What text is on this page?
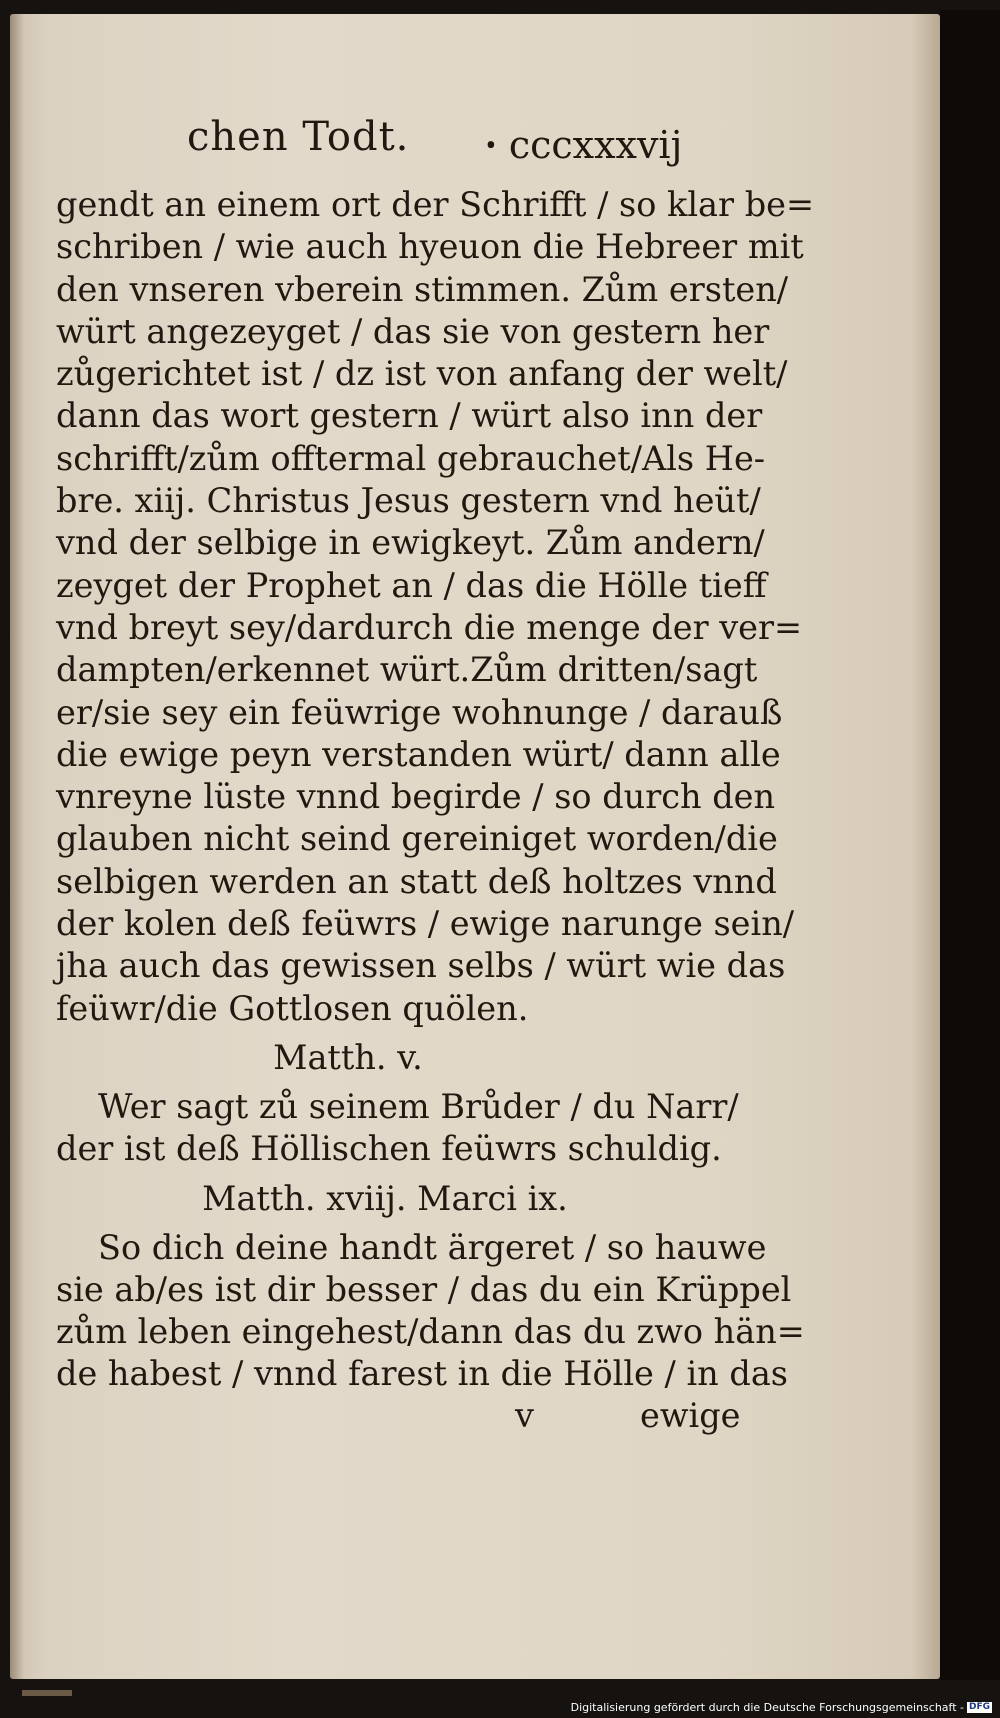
chen Todt. ꞏ cccxxxvij
gendt an einem ort der Schrifft / so klar be=
schriben / wie auch hyeuon die Hebreer mit
den vnseren vberein stimmen. Zům ersten/
würt angezeyget / das sie von gestern her
zůgerichtet ist / dz ist von anfang der welt/
dann das wort gestern / würt also inn der
schrifft/zům offtermal gebrauchet/Als He-
bre. xiij. Christus Jesus gestern vnd heüt/
vnd der selbige in ewigkeyt. Zům andern/
zeyget der Prophet an / das die Hölle tieff
vnd breyt sey/dardurch die menge der ver=
dampten/erkennet würt.Zům dritten/sagt
er/sie sey ein feüwrige wohnunge / darauß
die ewige peyn verstanden würt/ dann alle
vnreyne lüste vnnd begirde / so durch den
glauben nicht seind gereiniget worden/die
selbigen werden an statt deß holtzes vnnd
der kolen deß feüwrs / ewige narunge sein/
jha auch das gewissen selbs / würt wie das
feüwr/die Gottlosen quölen.
Matth. v.
Wer sagt zů seinem Brůder / du Narr/
der ist deß Höllischen feüwrs schuldig.
Matth. xviij. Marci ix.
So dich deine handt ärgeret / so hauwe
sie ab/es ist dir besser / das du ein Krüppel
zům leben eingehest/dann das du zwo hän=
de habest / vnnd farest in die Hölle / in das
v	ewige
Digitalisierung gefördert durch die Deutsche Forschungsgemeinschaft - DFG
